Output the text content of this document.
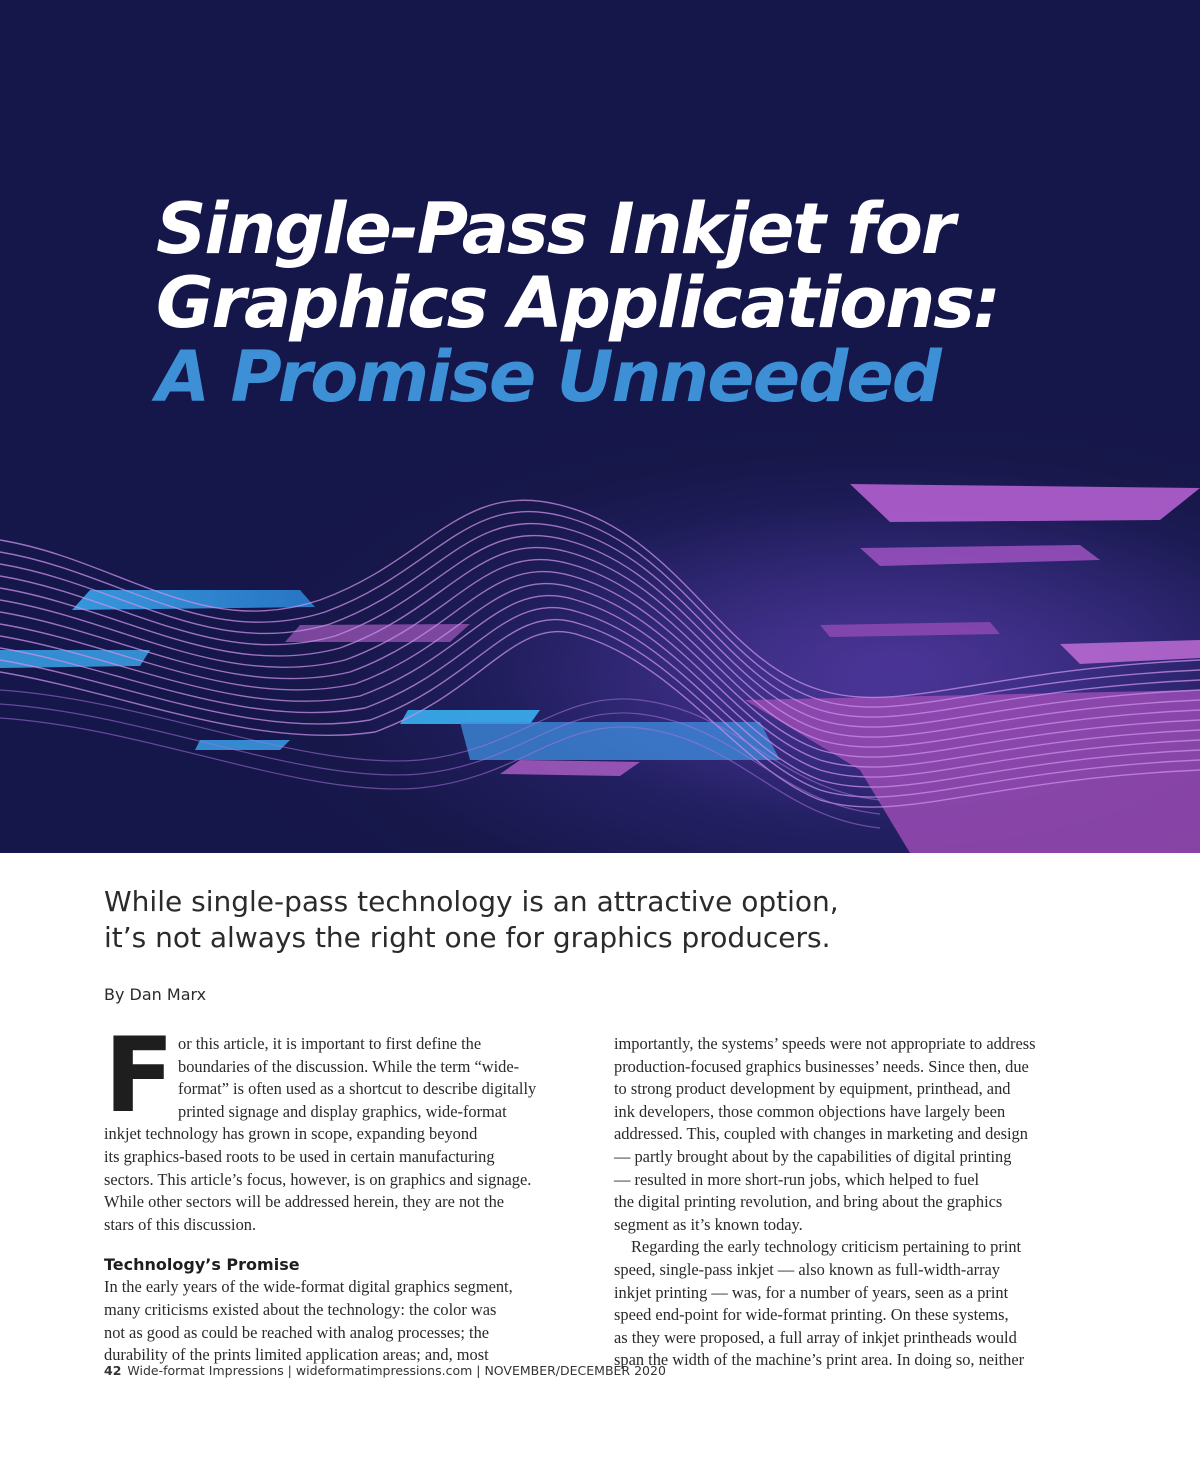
Single-Pass Inkjet for
Graphics Applications:
A Promise Unneeded
While single-pass technology is an attractive option,
it’s not always the right one for graphics producers.
By Dan Marx
F or this article, it is important to first define the
boundaries of the discussion. While the term “wide-
format” is often used as a shortcut to describe digitally
printed signage and display graphics, wide-format
inkjet technology has grown in scope, expanding beyond
its graphics-based roots to be used in certain manufacturing
sectors. This article’s focus, however, is on graphics and signage.
While other sectors will be addressed herein, they are not the
stars of this discussion.
Technology’s Promise
In the early years of the wide-format digital graphics segment,
many criticisms existed about the technology: the color was
not as good as could be reached with analog processes; the
durability of the prints limited application areas; and, most
importantly, the systems’ speeds were not appropriate to address
production-focused graphics businesses’ needs. Since then, due
to strong product development by equipment, printhead, and
ink developers, those common objections have largely been
addressed. This, coupled with changes in marketing and design
— partly brought about by the capabilities of digital printing
— resulted in more short-run jobs, which helped to fuel
the digital printing revolution, and bring about the graphics
segment as it’s known today.
Regarding the early technology criticism pertaining to print
speed, single-pass inkjet — also known as full-width-array
inkjet printing — was, for a number of years, seen as a print
speed end-point for wide-format printing. On these systems,
as they were proposed, a full array of inkjet printheads would
span the width of the machine’s print area. In doing so, neither
42 Wide-format Impressions | wideformatimpressions.com | NOVEMBER/DECEMBER 2020
